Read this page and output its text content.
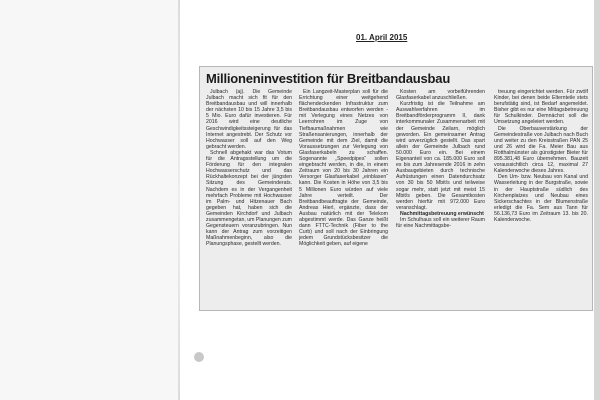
01. April 2015
Millioneninvestition für Breitbandausbau

Julbach (aj). Die Gemeinde Julbach macht sich fit für den Breitbandausbau und will innerhalb der nächsten 10 bis 15 Jahre 3,5 bis 5 Mio. Euro dafür investieren. Für 2016 wird eine deutliche Geschwindigkeitssteigerung für das Internet angestrebt. Der Schutz vor Hochwasser soll auf den Weg gebracht werden.

Schnell abgehakt war das Votum für die Antragsstellung um die Förderung für den integralen Hochwasserschutz und das Rückhaltekonzept bei der jüngsten Sitzung des Gemeinderats. Nachdem es in der Vergangenheit mehrfach Probleme mit Hochwasser im Palm- und Hitzenauer Bach gegeben hat, haben sich die Gemeinden Kirchdorf und Julbach zusammengetan, um Planungen zum Gegensteuern voranzubringen. Nun kann der Antrag zum vorzeitigen Maßnahmenbeginn, also die Planungsphase, gestellt werden.

Ein Langzeit-Masterplan soll für die Errichtung einer weitgehend flächendeckenden Infrastruktur zum Breitbandausbau entworfen werden - mit Verlegung eines Netzes von Leerrohren im Zuge von Tiefbaumaßnahmen wie Straßensanierungen, innerhalb der Gemeinde mit dem Ziel, damit die Voraussetzungen zur Verlegung von Glasfaserkabeln zu schaffen. Sogenannte „Speedpipes“ sollen eingebracht werden, in die, in einem Zeitraum von 20 bis 30 Jahren ein Versorger Glasfaserkabel „einblasen“ kann. Die Kosten in Höhe von 3,5 bis 5 Millionen Euro würden auf viele Jahre verteilt. Der Breitbandbeauftragte der Gemeinde, Andreas Hierl, ergänzte, dass der Ausbau natürlich mit der Telekom abgestimmt werde. Das Ganze heißt dann FTTC-Technik (Fiber to the Curb) und soll nach der Einbringung jedem Grundstücksbesitzer die Möglichkeit geben, auf eigene

Kosten am vorbeiführenden Glasfaserkabel anzuschließen.

Kurzfristig ist die Teilnahme am Auswahlverfahren im Breitbandförderprogramm II, dank interkommunaler Zusammenarbeit mit der Gemeinde Zeilarn, möglich geworden. Ein gemeinsamer Antrag wird unverzüglich gestellt. Das spart allein der Gemeinde Julbach rund 50.000 Euro ein. Bei einem Eigenanteil von ca. 185.000 Euro soll es bis zum Jahresende 2016 in zehn Ausbaugebieten durch technische Aufrüstungen einen Datendurchsatz von 30 bis 50 Mbit/s und teilweise sogar mehr, statt jetzt mit meist 15 Mbit/s geben. Die Gesamtkosten werden hierfür mit 972.000 Euro veranschlagt.

Nachmittagsbetreuung erwünscht

Im Schulhaus soll ein weiterer Raum für eine Nachmittagsbe-

treuung eingerichtet werden. Für zwölf Kinder, bei denen beide Elternteile stets berufstätig sind, ist Bedarf angemeldet. Bisher gibt es nur eine Mittagsbetreuung für Schulkinder. Demnächst soll die Umsetzung angeleiert werden.

Die Oberbauverstärkung der Gemeindestraße von Julbach nach Buch und weiter zu den Kreisstraßen PAN 25 und 26 wird die Fa. Meier Bau aus Rotthalmünster als günstigster Bieter für 895.381,48 Euro übernehmen. Bauzeit voraussichtlich circa 12, maximal 27 Kalenderwoche dieses Jahres.

Den Um- bzw. Neubau von Kanal und Wasserleitung in der Burgstraße, sowie in der Hauptstraße südlich des Kirchenplatzes und Neubau eines Sickerschachtes in der Blumenstraße erledigt die Fa. Sem aus Tann für 56.136,73 Euro im Zeitraum 13. bis 20. Kalenderwoche.
